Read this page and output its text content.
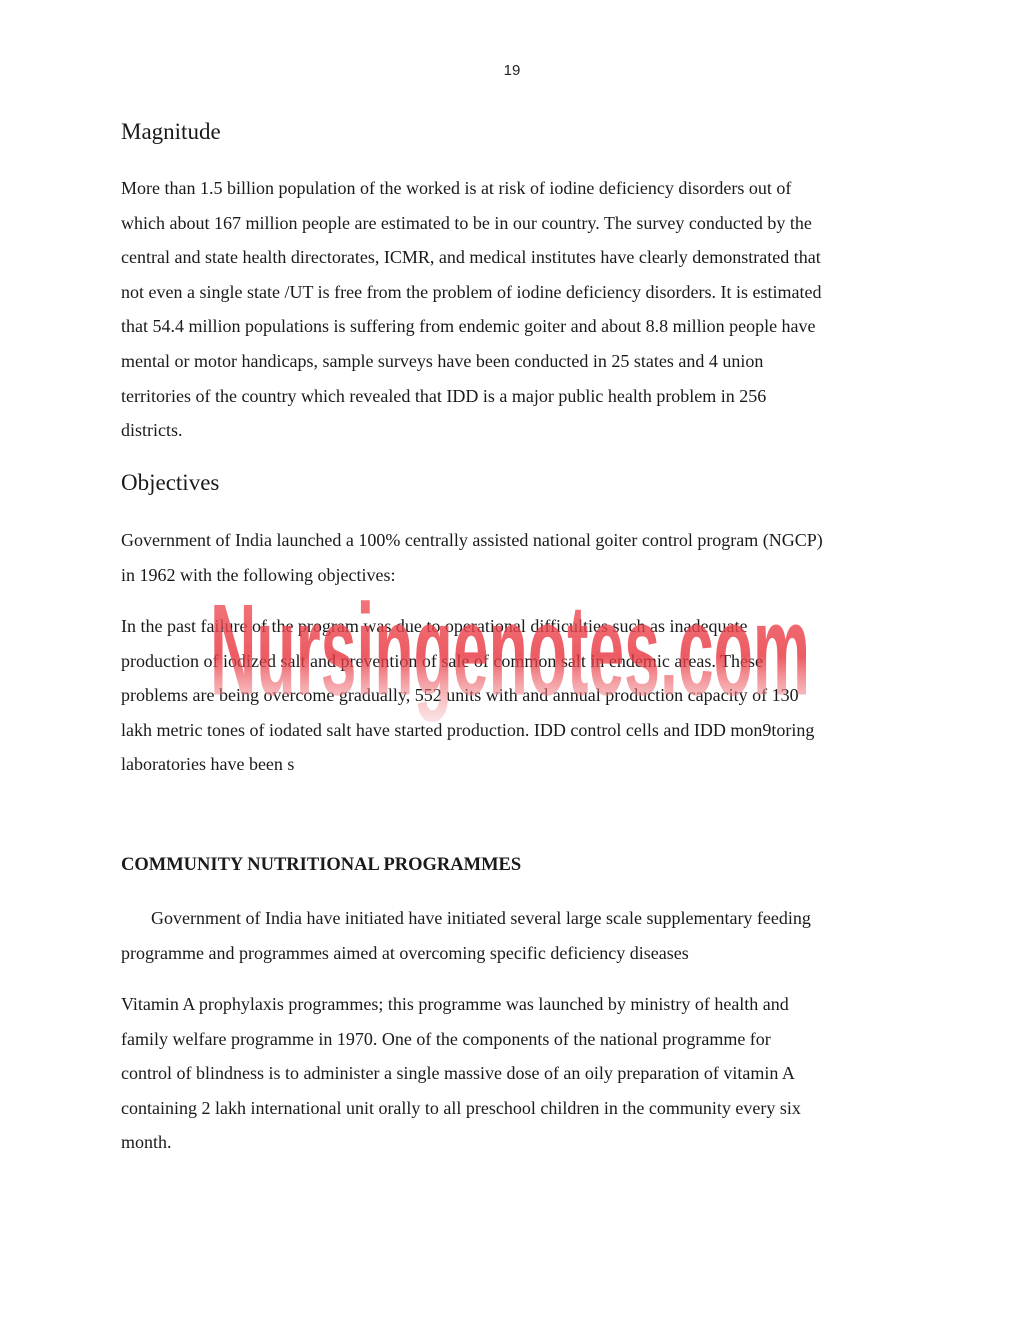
19
Magnitude
More than 1.5 billion population of the worked is at risk of iodine deficiency disorders out of
which about 167 million people are estimated to be in our country. The survey conducted by the
central and state health directorates, ICMR, and medical institutes have clearly demonstrated that
not even a single state /UT is free from the problem of iodine deficiency disorders. It is estimated
that 54.4 million populations is suffering from endemic goiter and about 8.8 million people have
mental or motor handicaps, sample surveys have been conducted in 25 states and 4 union
territories of the country which revealed that IDD is a major public health problem in 256
districts.
Objectives
Government of India launched a 100% centrally assisted national goiter control program (NGCP)
in 1962 with the following objectives:
In the past failure of the program was due to operational difficulties such as inadequate
production of iodized salt and prevention of sale of common salt in endemic areas. These
problems are being overcome gradually, 552 units with and annual production capacity of 130
lakh metric tones of iodated salt have started production. IDD control cells and IDD mon9toring
laboratories have been s
COMMUNITY NUTRITIONAL PROGRAMMES
Government of India have initiated have initiated several large scale supplementary feeding
programme and programmes aimed at overcoming specific deficiency diseases
Vitamin A prophylaxis programmes; this programme was launched by ministry of health and
family welfare programme in 1970. One of the components of the national programme for
control of blindness is to administer a single massive dose of an oily preparation of vitamin A
containing 2 lakh international unit orally to all preschool children in the community every six
month.
Nursingenotes.com
